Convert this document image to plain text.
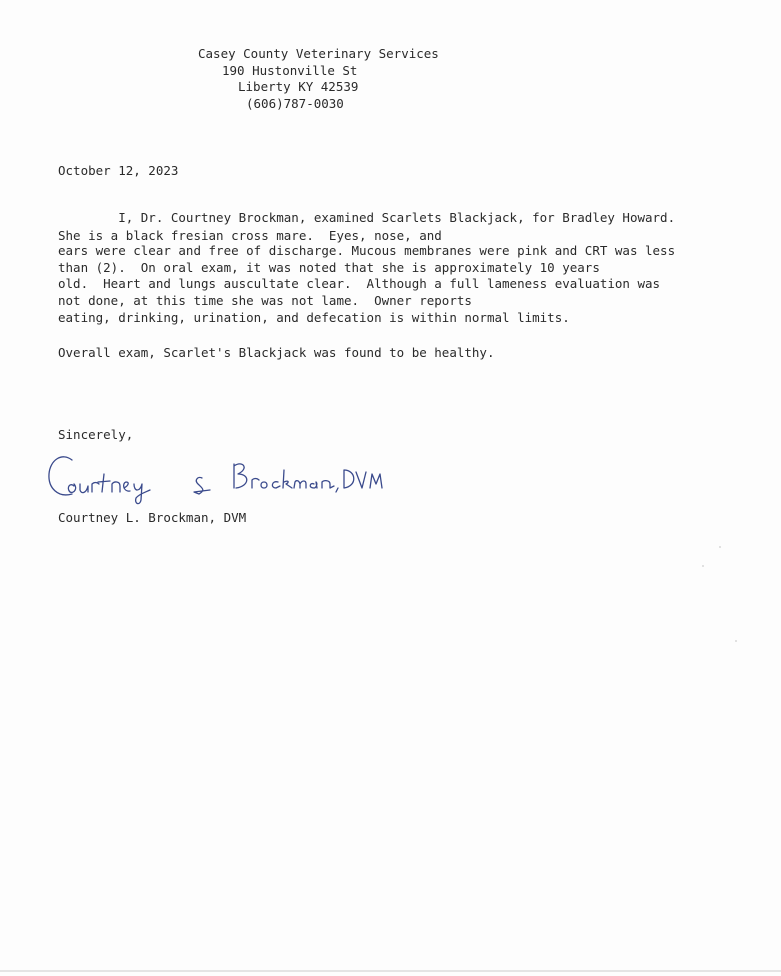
Casey County Veterinary Services
190 Hustonville St
Liberty KY 42539
(606)787-0030
October 12, 2023
I, Dr. Courtney Brockman, examined Scarlets Blackjack, for Bradley Howard.
She is a black fresian cross mare.  Eyes, nose, and
ears were clear and free of discharge. Mucous membranes were pink and CRT was less
than (2).  On oral exam, it was noted that she is approximately 10 years
old.  Heart and lungs auscultate clear.  Although a full lameness evaluation was
not done, at this time she was not lame.  Owner reports
eating, drinking, urination, and defecation is within normal limits.
Overall exam, Scarlet's Blackjack was found to be healthy.
Sincerely,
Courtney L. Brockman, DVM
